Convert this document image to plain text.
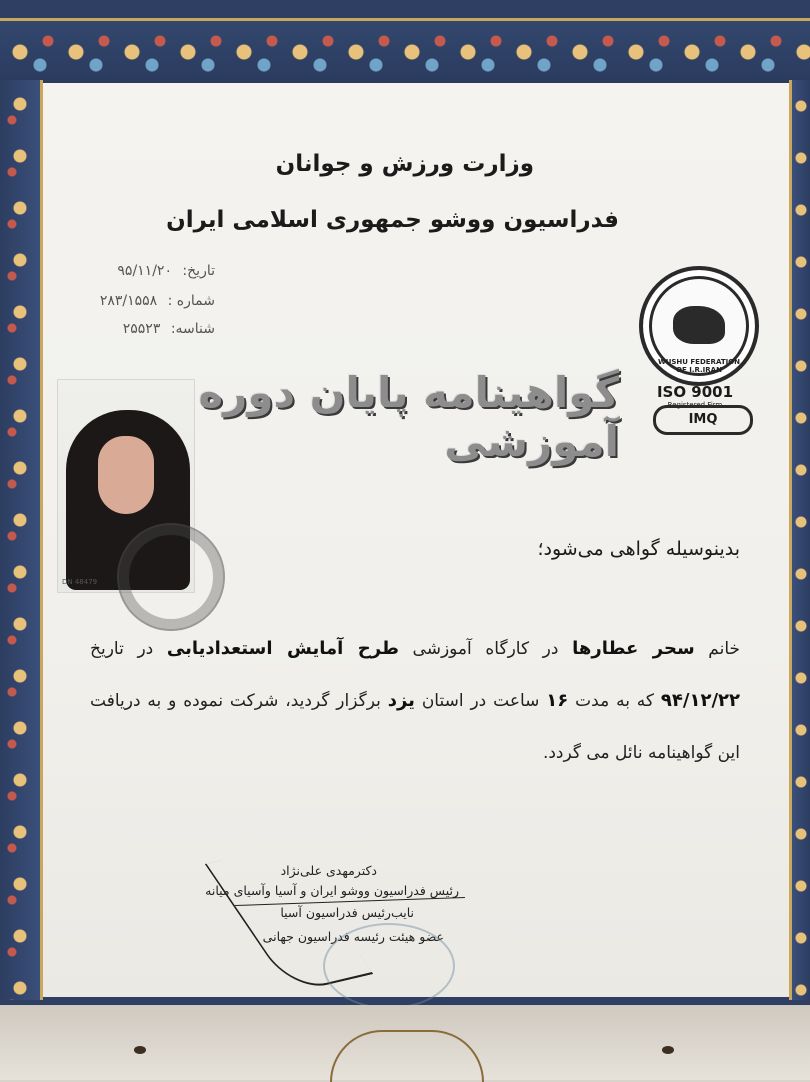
وزارت ورزش و جوانان
فدراسیون ووشو جمهوری اسلامی ایران
تاریخ: ۹۵/۱۱/۲۰
شماره : ۲۸۳/۱۵۵۸
شناسه: ۲۵۵۲۳
WUSHU FEDERATION OF I.R.IRAN
ISO 9001
Registered Firm
IMQ
گواهینامه پایان دوره آموزشی
DN 48479
بدینوسیله گواهی می‌شود؛
خانم سحر عطارها در کارگاه آموزشی طرح آمایش استعدادیابی در تاریخ ۹۴/۱۲/۲۲ که به مدت ۱۶ ساعت در استان یزد برگزار گردید، شرکت نموده و به دریافت این گواهینامه نائل می گردد.
دکترمهدی علی‌نژاد
رئیس فدراسیون ووشو ایران و آسیا وآسیای میانه
نایب‌رئیس فدراسیون آسیا
عضو هیئت رئیسه فدراسیون جهانی
